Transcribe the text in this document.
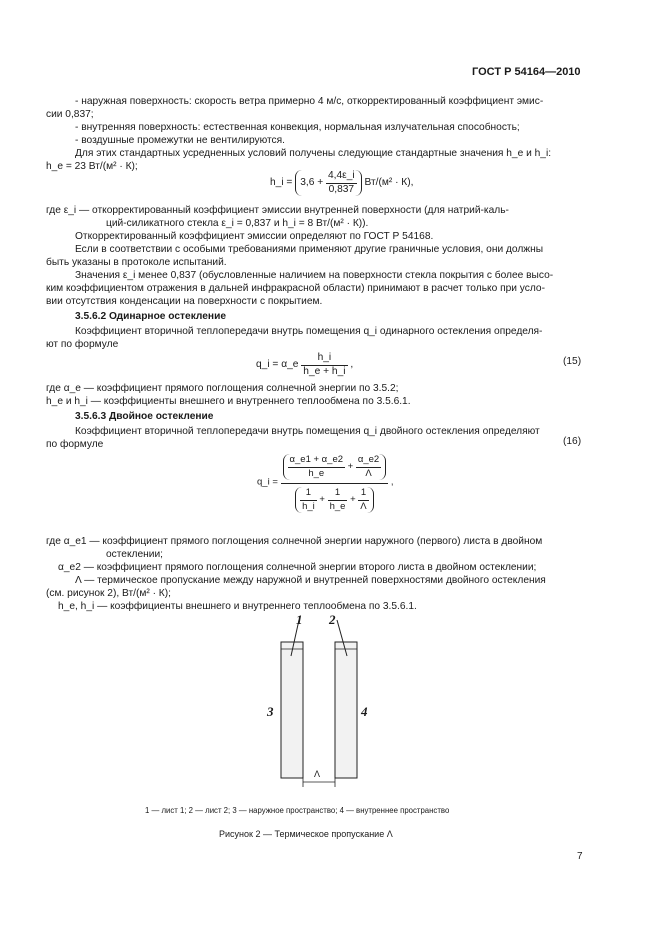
ГОСТ Р 54164—2010
- наружная поверхность: скорость ветра примерно 4 м/с, откорректированный коэффициент эмис-
сии 0,837;
- внутренняя поверхность: естественная конвекция, нормальная излучательная способность;
- воздушные промежутки не вентилируются.
Для этих стандартных усредненных условий получены следующие стандартные значения h_e и h_i:
h_e = 23 Вт/(м² · К);
h_i = $3,6 + \frac{4,4\varepsilon\_i}{0,837} Вт/(м^2 \cdot К)$,
где ε_i — откорректированный коэффициент эмиссии внутренней поверхности (для натрий-каль-
ций-силикатного стекла ε_i = 0,837 и h_i = 8 Вт/(м² · К)).
Откорректированный коэффициент эмиссии определяют по ГОСТ Р 54168.
Если в соответствии с особыми требованиями применяют другие граничные условия, они должны
быть указаны в протоколе испытаний.
Значения ε_i менее 0,837 (обусловленные наличием на поверхности стекла покрытия с более высо-
ким коэффициентом отражения в дальней инфракрасной области) принимают в расчет только при усло-
вии отсутствия конденсации на поверхности с покрытием.
3.5.6.2 Одинарное остекление
Коэффициент вторичной теплопередачи внутрь помещения q_i одинарного остекления определя-
ют по формуле
q_i = α_e $\frac{h\_i}{h\_e + h\_i}$ ,	(15)
где α_e — коэффициент прямого поглощения солнечной энергии по 3.5.2;
h_e и h_i — коэффициенты внешнего и внутреннего теплообмена по 3.5.6.1.
3.5.6.3 Двойное остекление
Коэффициент вторичной теплопередачи внутрь помещения q_i двойного остекления определяют
по формуле
q_i =
$\frac{\alpha\_e1 + \alpha\_e2}{h\_e} + \frac{\alpha\_e2}{\Lambda}$
$\frac{1}{h\_i} + \frac{1}{h\_e} + \frac{1}{\Lambda}$
,
(16)
где α_e1 — коэффициент прямого поглощения солнечной энергии наружного (первого) листа в двойном
остеклении;
α_e2 — коэффициент прямого поглощения солнечной энергии второго листа в двойном остеклении;
Λ — термическое пропускание между наружной и внутренней поверхностями двойного остекления
(см. рисунок 2), Вт/(м² · К);
h_e, h_i — коэффициенты внешнего и внутреннего теплообмена по 3.5.6.1.
1 2
3	4
Λ
1 — лист 1; 2 — лист 2; 3 — наружное пространство; 4 — внутреннее пространство
Рисунок 2 — Термическое пропускание Λ
7
